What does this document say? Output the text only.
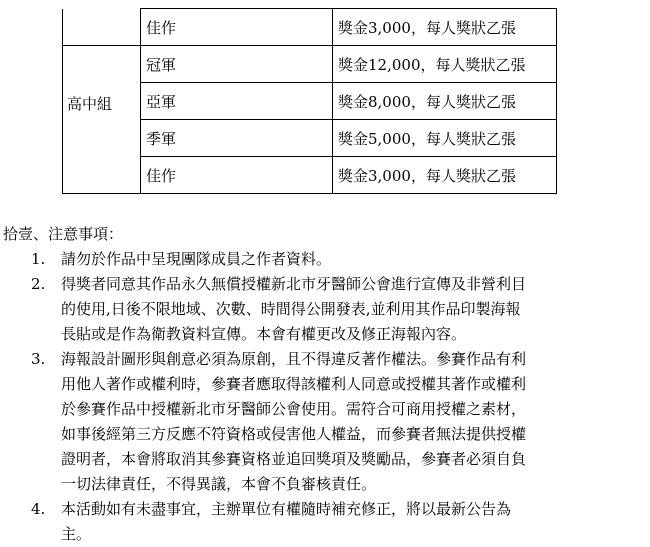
	佳作	獎金3,000，每人獎狀乙張
高中組	冠軍	獎金12,000，每人獎狀乙張
	亞軍	獎金8,000，每人獎狀乙張
	季軍	獎金5,000，每人獎狀乙張
	佳作	獎金3,000，每人獎狀乙張
拾壹、注意事項：
1.	請勿於作品中呈現團隊成員之作者資料。
2.	得獎者同意其作品永久無償授權新北市牙醫師公會進行宣傳及非營利目
的使用,日後不限地域、次數、時間得公開發表,並利用其作品印製海報
長貼或是作為衛教資料宣傳。本會有權更改及修正海報內容。
3.	海報設計圖形與創意必須為原創，且不得違反著作權法。參賽作品有利
用他人著作或權利時，參賽者應取得該權利人同意或授權其著作或權利
於參賽作品中授權新北市牙醫師公會使用。需符合可商用授權之素材，
如事後經第三方反應不符資格或侵害他人權益，而參賽者無法提供授權
證明者，本會將取消其參賽資格並追回獎項及獎勵品，參賽者必須自負
一切法律責任，不得異議，本會不負審核責任。
4.	本活動如有未盡事宜，主辦單位有權隨時補充修正，將以最新公告為
主。
